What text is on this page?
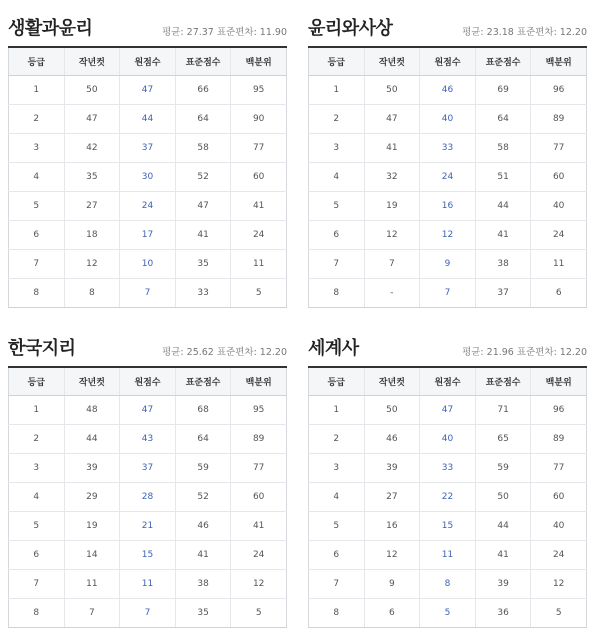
생활과윤리	평균: 27.37 표준편차: 11.90
등급	작년컷	원점수	표준점수	백분위
1	50	47	66	95
2	47	44	64	90
3	42	37	58	77
4	35	30	52	60
5	27	24	47	41
6	18	17	41	24
7	12	10	35	11
8	8	7	33	5
윤리와사상	평균: 23.18 표준편차: 12.20
등급	작년컷	원점수	표준점수	백분위
1	50	46	69	96
2	47	40	64	89
3	41	33	58	77
4	32	24	51	60
5	19	16	44	40
6	12	12	41	24
7	7	9	38	11
8	-	7	37	6
한국지리	평균: 25.62 표준편차: 12.20
등급	작년컷	원점수	표준점수	백분위
1	48	47	68	95
2	44	43	64	89
3	39	37	59	77
4	29	28	52	60
5	19	21	46	41
6	14	15	41	24
7	11	11	38	12
8	7	7	35	5
세계사	평균: 21.96 표준편차: 12.20
등급	작년컷	원점수	표준점수	백분위
1	50	47	71	96
2	46	40	65	89
3	39	33	59	77
4	27	22	50	60
5	16	15	44	40
6	12	11	41	24
7	9	8	39	12
8	6	5	36	5
